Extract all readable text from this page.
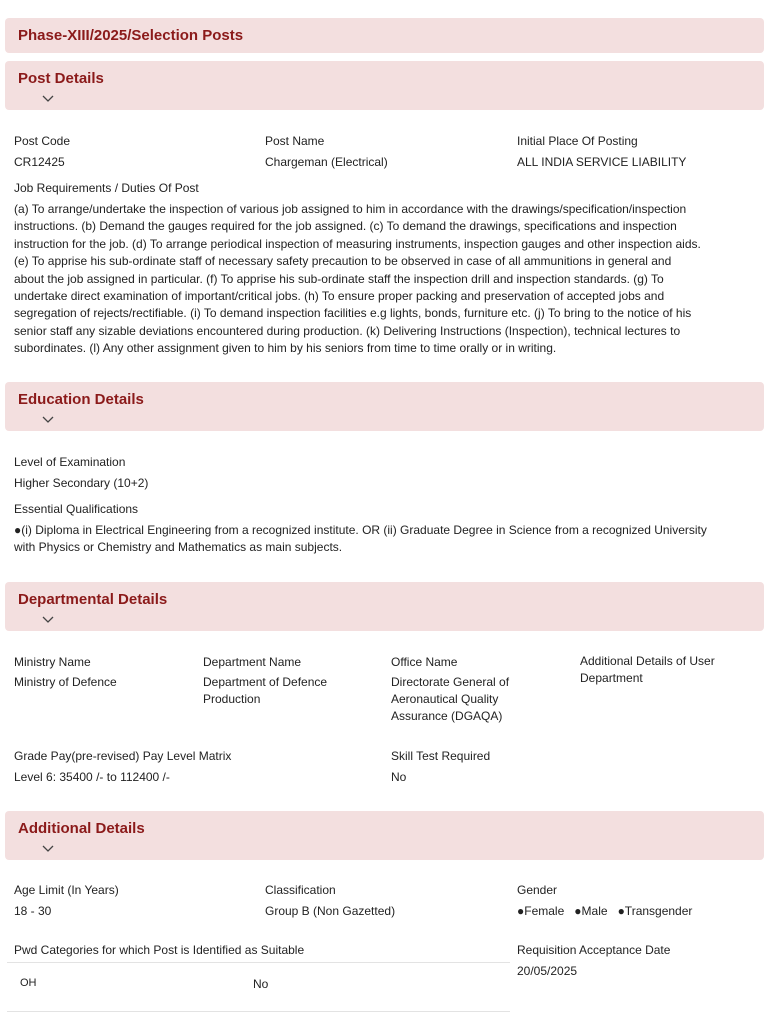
Phase-XIII/2025/Selection Posts
Post Details
Post Code
CR12425
Post Name
Chargeman (Electrical)
Initial Place Of Posting
ALL INDIA SERVICE LIABILITY
Job Requirements / Duties Of Post
(a) To arrange/undertake the inspection of various job assigned to him in accordance with the drawings/specification/inspection
instructions. (b) Demand the gauges required for the job assigned. (c) To demand the drawings, specifications and inspection
instruction for the job. (d) To arrange periodical inspection of measuring instruments, inspection gauges and other inspection aids.
(e) To apprise his sub-ordinate staff of necessary safety precaution to be observed in case of all ammunitions in general and
about the job assigned in particular. (f) To apprise his sub-ordinate staff the inspection drill and inspection standards. (g) To
undertake direct examination of important/critical jobs. (h) To ensure proper packing and preservation of accepted jobs and
segregation of rejects/rectifiable. (i) To demand inspection facilities e.g lights, bonds, furniture etc. (j) To bring to the notice of his
senior staff any sizable deviations encountered during production. (k) Delivering Instructions (Inspection), technical lectures to
subordinates. (l) Any other assignment given to him by his seniors from time to time orally or in writing.
Education Details
Level of Examination
Higher Secondary (10+2)
Essential Qualifications
●(i) Diploma in Electrical Engineering from a recognized institute. OR (ii) Graduate Degree in Science from a recognized University
with Physics or Chemistry and Mathematics as main subjects.
Departmental Details
Ministry Name
Ministry of Defence
Department Name
Department of Defence
Production
Office Name
Directorate General of
Aeronautical Quality
Assurance (DGAQA)
Additional Details of User
Department
Grade Pay(pre-revised) Pay Level Matrix
Level 6: 35400 /- to 112400 /-
Skill Test Required
No
Additional Details
Age Limit (In Years)
18 - 30
Classification
Group B (Non Gazetted)
Gender
●Female ●Male ●Transgender
Pwd Categories for which Post is Identified as Suitable
OH	No
Requisition Acceptance Date
20/05/2025
